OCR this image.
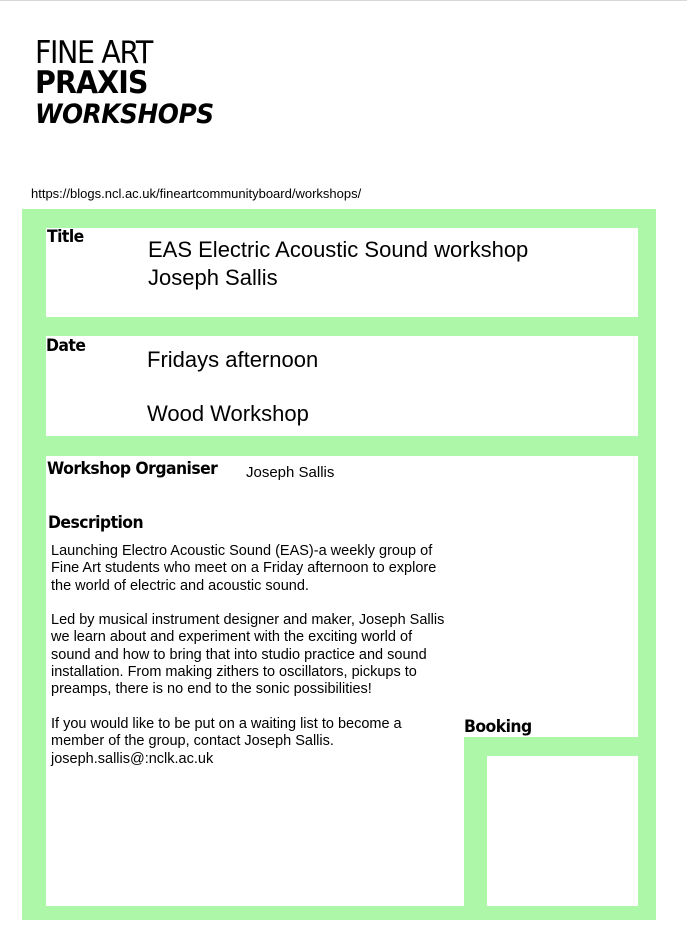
FINE ART
PRAXIS
WORKSHOPS
https://blogs.ncl.ac.uk/fineartcommunityboard/workshops/
Title	EAS Electric Acoustic Sound workshop
Joseph Sallis
Date
Fridays afternoon
Wood Workshop
Workshop Organiser Joseph Sallis
Description

Launching Electro Acoustic Sound (EAS)-a weekly group of
Fine Art students who meet on a Friday afternoon to explore
the world of electric and acoustic sound.

Led by musical instrument designer and maker, Joseph Sallis
we learn about and experiment with the exciting world of
sound and how to bring that into studio practice and sound
installation. From making zithers to oscillators, pickups to
preamps, there is no end to the sonic possibilities!

If you would like to be put on a waiting list to become a
member of the group, contact Joseph Sallis.
joseph.sallis@:nclk.ac.uk

Booking
